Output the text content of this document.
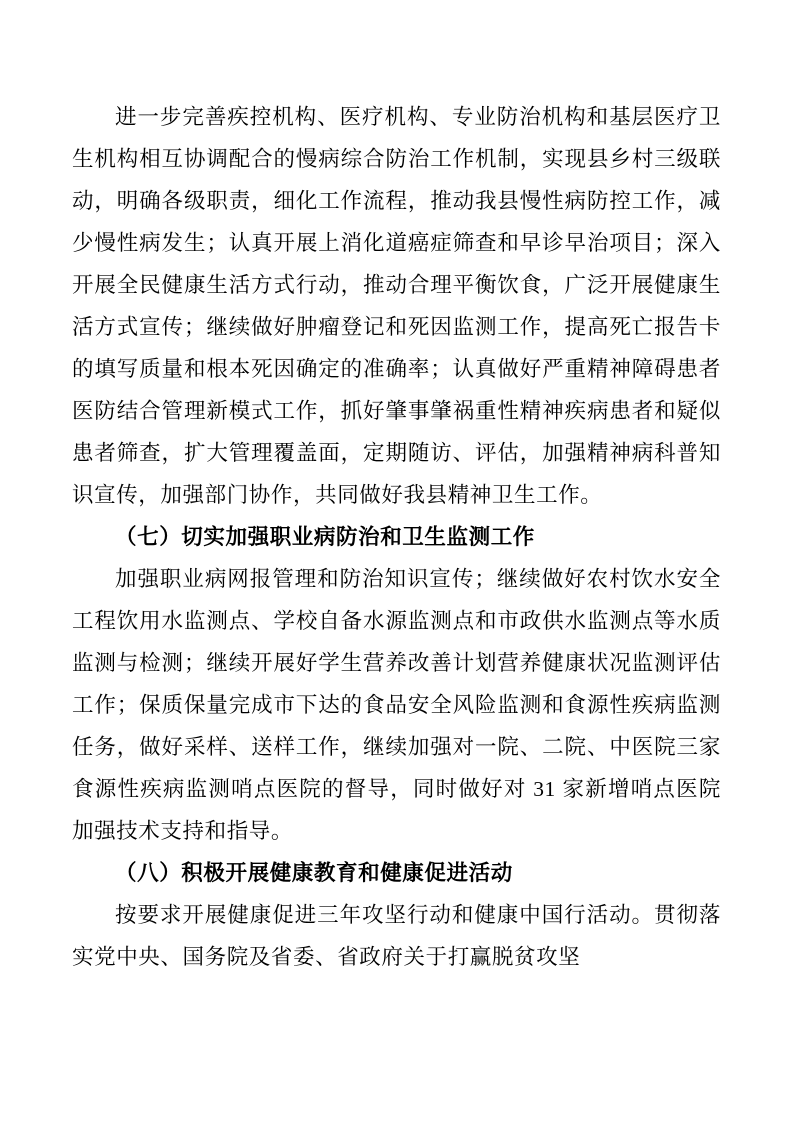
进一步完善疾控机构、医疗机构、专业防治机构和基层医疗卫生机构相互协调配合的慢病综合防治工作机制，实现县乡村三级联动，明确各级职责，细化工作流程，推动我县慢性病防控工作，减少慢性病发生；认真开展上消化道癌症筛查和早诊早治项目；深入开展全民健康生活方式行动，推动合理平衡饮食，广泛开展健康生活方式宣传；继续做好肿瘤登记和死因监测工作，提高死亡报告卡的填写质量和根本死因确定的准确率；认真做好严重精神障碍患者医防结合管理新模式工作，抓好肇事肇祸重性精神疾病患者和疑似患者筛查，扩大管理覆盖面，定期随访、评估，加强精神病科普知识宣传，加强部门协作，共同做好我县精神卫生工作。

（七）切实加强职业病防治和卫生监测工作

加强职业病网报管理和防治知识宣传；继续做好农村饮水安全工程饮用水监测点、学校自备水源监测点和市政供水监测点等水质监测与检测；继续开展好学生营养改善计划营养健康状况监测评估工作；保质保量完成市下达的食品安全风险监测和食源性疾病监测任务，做好采样、送样工作，继续加强对一院、二院、中医院三家食源性疾病监测哨点医院的督导，同时做好对 31 家新增哨点医院加强技术支持和指导。

（八）积极开展健康教育和健康促进活动

按要求开展健康促进三年攻坚行动和健康中国行活动。贯彻落实党中央、国务院及省委、省政府关于打赢脱贫攻坚
